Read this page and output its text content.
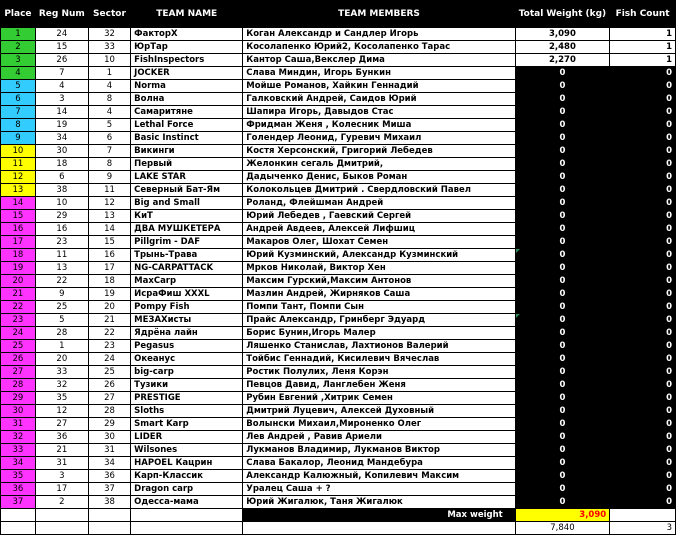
Place	Reg Num	Sector	TEAM NAME	TEAM MEMBERS	Total Weight (kg)	Fish Count
1	24	32	ФакторХ	Коган Александр и Сандлер Игорь	3,090	1
2	15	33	ЮрТар	Косолапенко Юрий2, Косолапенко Тарас	2,480	1
3	26	10	FishInspectors	Кантор Саша,Векслер Дима	2,270	1
4	7	1	JOCKER	Слава Миндин, Игорь Бункин	0	0
5	4	4	Norma	Мойше Романов, Хайкин Геннадий	0	0
6	3	8	Волна	Галковский Андрей, Саидов Юрий	0	0
7	14	4	Самаритяне	Шапира Игорь, Давыдов Стас	0	0
8	19	5	Lethal Force	Фридман Женя , Колесник Миша	0	0
9	34	6	Basic Instinct	Голендер Леонид, Гуревич Михаил	0	0
10	30	7	Викинги	Костя Херсонский, Григорий Лебедев	0	0
11	18	8	Первый	Желонкин сегаль Дмитрий,	0	0
12	6	9	LAKE STAR	Дадыченко Денис, Быков Роман	0	0
13	38	11	Северный Бат-Ям	Колокольцев Дмитрий . Свердловский Павел	0	0
14	10	12	Big and Small	Роланд, Флейшман Андрей	0	0
15	29	13	КиТ	Юрий Лебедев , Гаевский Сергей	0	0
16	16	14	ДВА МУШКЕТЕРА	Андрей Авдеев, Алексей Лифшиц	0	0
17	23	15	Pillgrim - DAF	Макаров Олег, Шохат Семен	0	0
18	11	16	Трынь-Трава	Юрий Кузминский, Александр Кузминский	0	0
19	13	17	NG-CARPATTACK	Мрков Николай, Виктор Хен	0	0
20	22	18	MaxCarp	Максим Гурский,Максим Антонов	0	0
21	9	19	ИсраФиш XXXL	Мазлин Андрей, Жирняков Саша	0	0
22	25	20	Pompy Fish	Помпи Тант, Помпи Сын	0	0
23	5	21	МЕЗАХисты	Прайс Александр, Гринберг Эдуард	0	0
24	28	22	Ядрёна лайн	Борис Бунин,Игорь Малер	0	0
25	1	23	Pegasus	Ляшенко Станислав, Лахтионов Валерий	0	0
26	20	24	Океанус	Тойбис Геннадий, Кисилевич Вячеслав	0	0
27	33	25	big-carp	Ростик Полулих, Леня Корэн	0	0
28	32	26	Тузики	Певцов Давид, Ланглебен Женя	0	0
29	35	27	PRESTIGE	Рубин Евгений ,Хитрик Семен	0	0
30	12	28	Sloths	Дмитрий Луцевич, Алексей Духовный	0	0
31	27	29	Smart Karp	Волынски Михаил,Мироненко Олег	0	0
32	36	30	LIDER	Лев Андрей , Равив Ариели	0	0
33	21	31	Wilsones	Лукманов Владимир, Лукманов Виктор	0	0
34	31	34	HAPOEL Кацрин	Слава Бакалор, Леонид Мандебура	0	0
35	3	36	Карп-Классик	Александр Калюжный, Копилевич Максим	0	0
36	17	37	Dragon carp	Уралец Саша + ?	0	0
37	2	38	Одесса-мама	Юрий Жигалюк, Таня Жигалюк	0	0
				Max weight	3,090	
					7,840	3
